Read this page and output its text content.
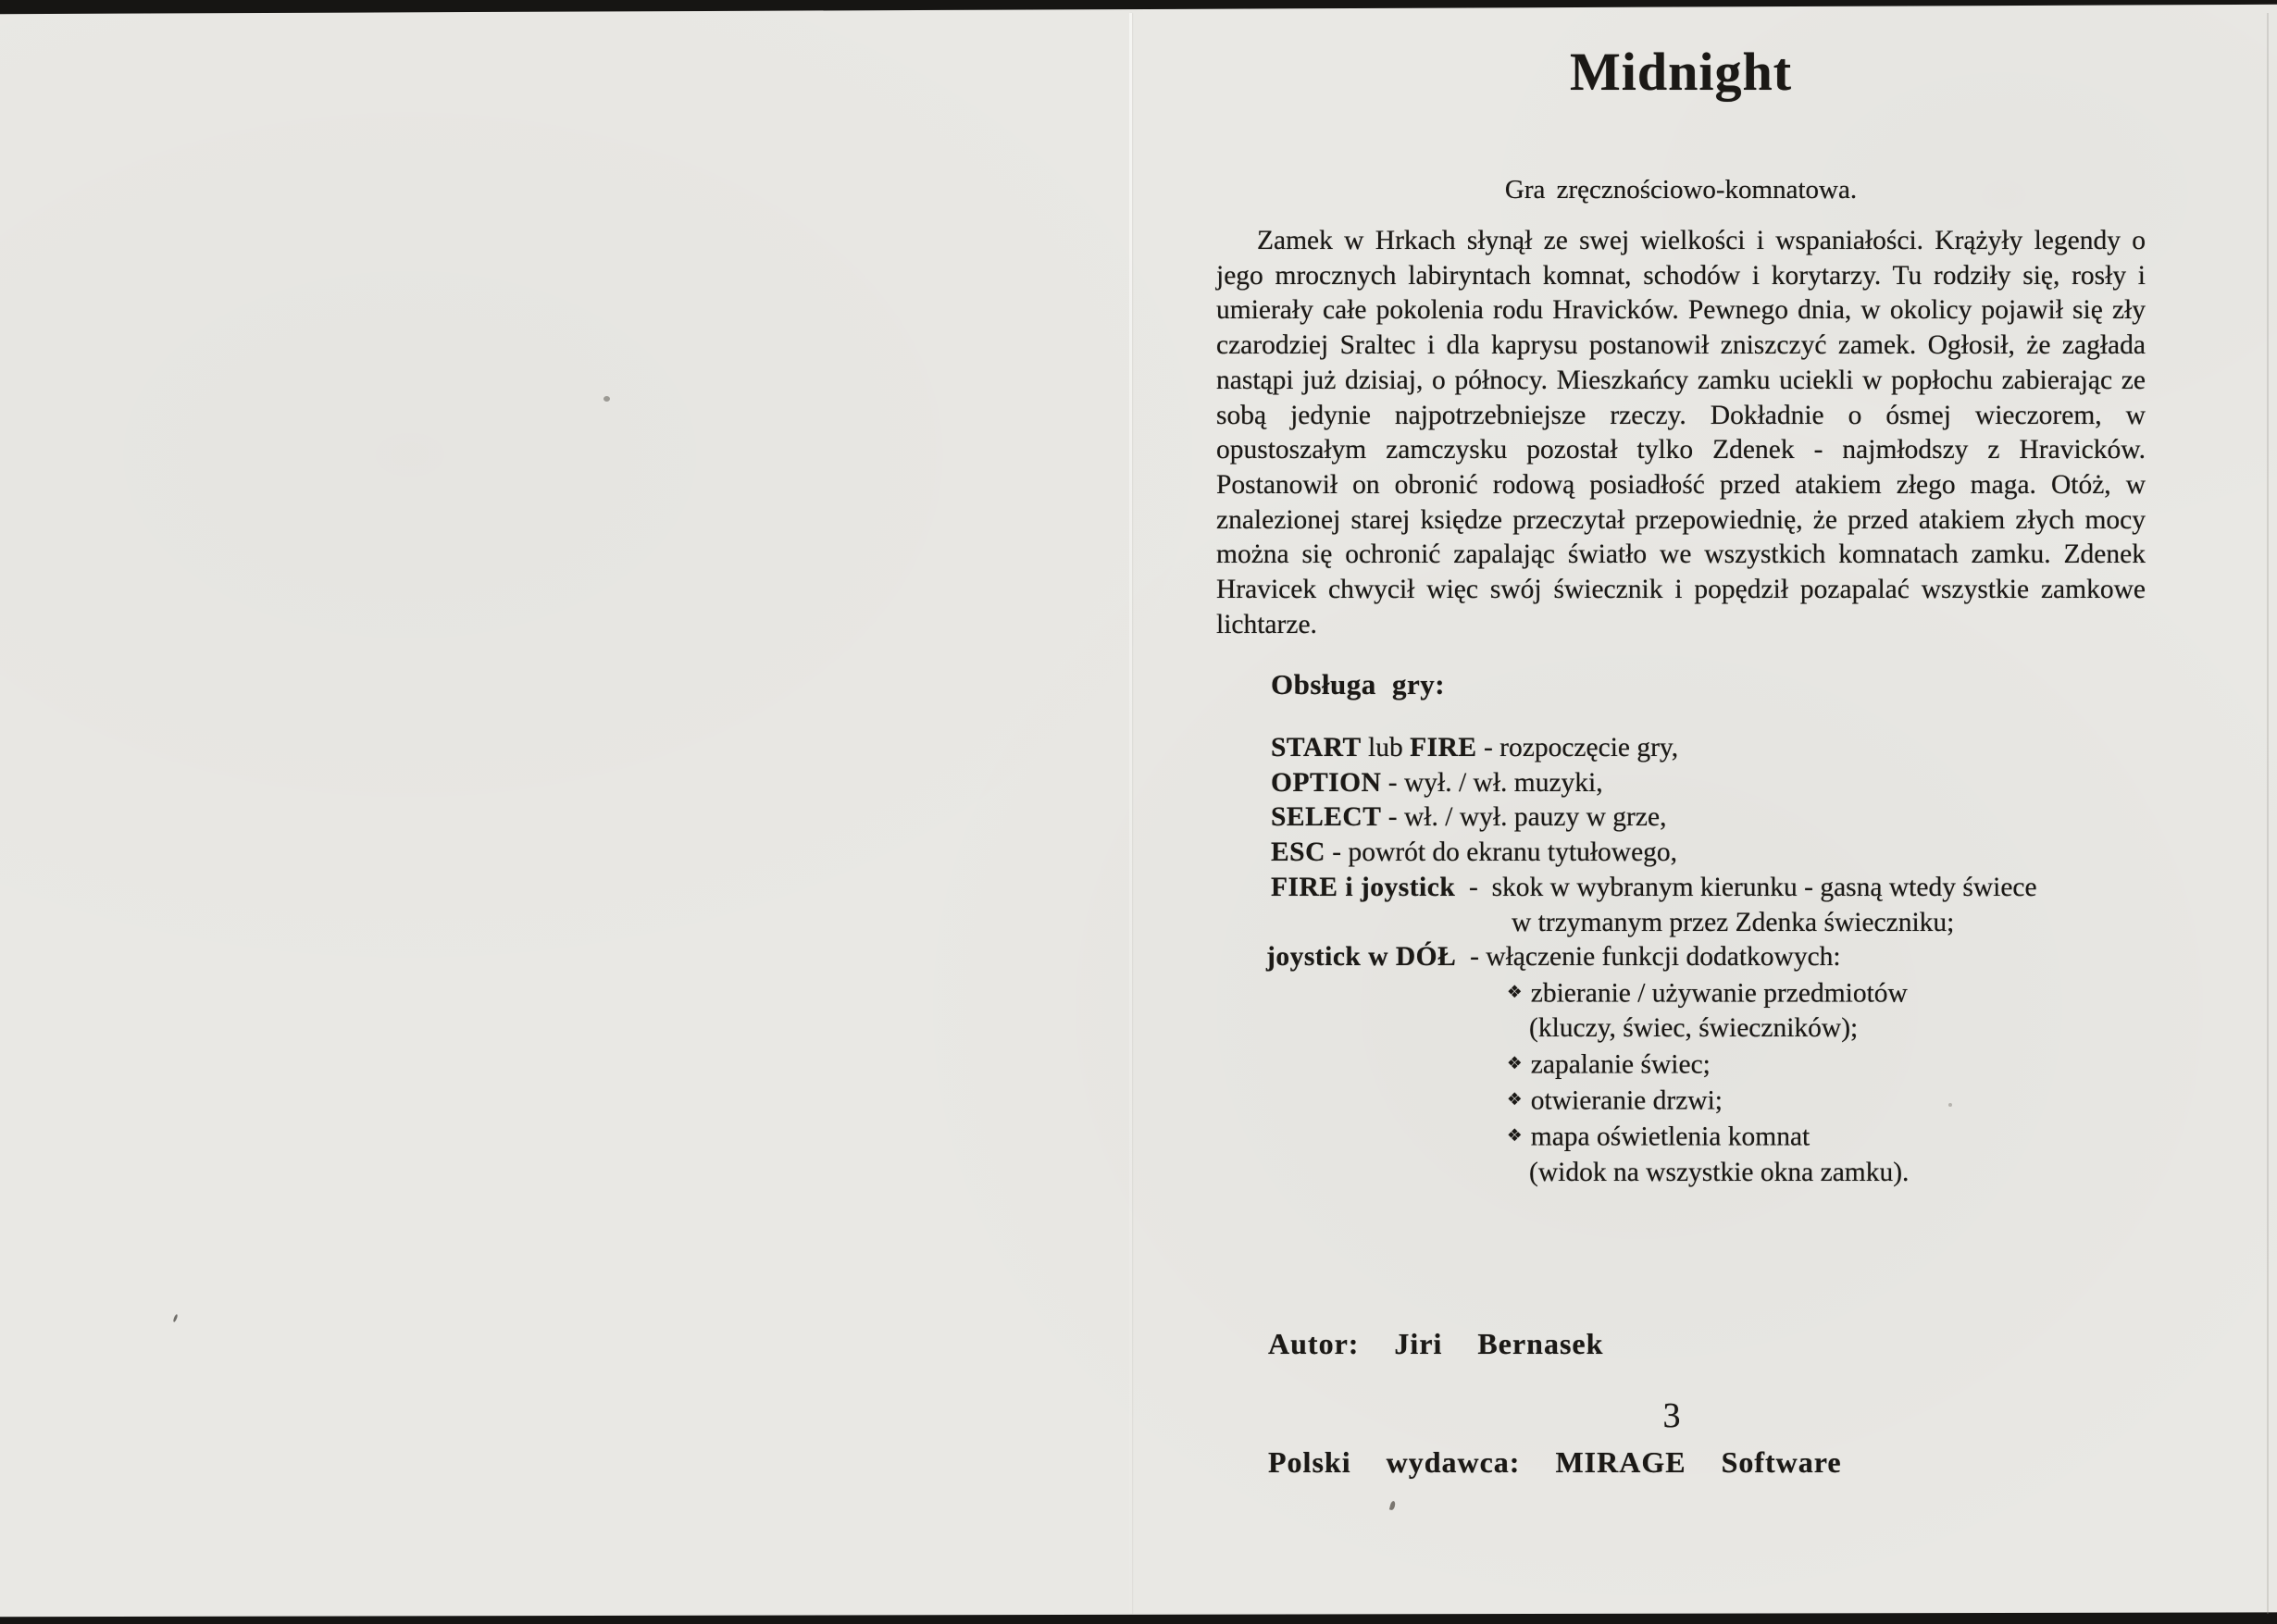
Midnight
Gra zręcznościowo-komnatowa.

Zamek w Hrkach słynął ze swej wielkości i wspaniałości. Krążyły legendy o jego mrocznych labiryntach komnat, schodów i korytarzy. Tu rodziły się, rosły i umierały całe pokolenia rodu Hravicków. Pewnego dnia, w okolicy pojawił się zły czarodziej Sraltec i dla kaprysu postanowił zniszczyć zamek. Ogłosił, że zagłada nastąpi już dzisiaj, o północy. Mieszkańcy zamku uciekli w popłochu zabierając ze sobą jedynie najpotrzebniejsze rzeczy. Dokładnie o ósmej wieczorem, w opustoszałym zamczysku pozostał tylko Zdenek - najmłodszy z Hravicków. Postanowił on obronić rodową posiadłość przed atakiem złego maga. Otóż, w znalezionej starej księdze przeczytał przepowiednię, że przed atakiem złych mocy można się ochronić zapalając światło we wszystkich komnatach zamku. Zdenek Hravicek chwycił więc swój świecznik i popędził pozapalać wszystkie zamkowe lichtarze.

Obsługa gry:
START lub FIRE - rozpoczęcie gry,
OPTION - wył. / wł. muzyki,
SELECT - wł. / wył. pauzy w grze,
ESC - powrót do ekranu tytułowego,
FIRE i joystick  -  skok w wybranym kierunku - gasną wtedy świece
w trzymanym przez Zdenka świeczniku;
joystick w DÓŁ  - włączenie funkcji dodatkowych:
❖ zbieranie / używanie przedmiotów
(kluczy, świec, świeczników);
❖ zapalanie świec;
❖ otwieranie drzwi;
❖ mapa oświetlenia komnat
(widok na wszystkie okna zamku).

Autor:  Jiri  Bernasek

Polski  wydawca:  MIRAGE  Software

3
